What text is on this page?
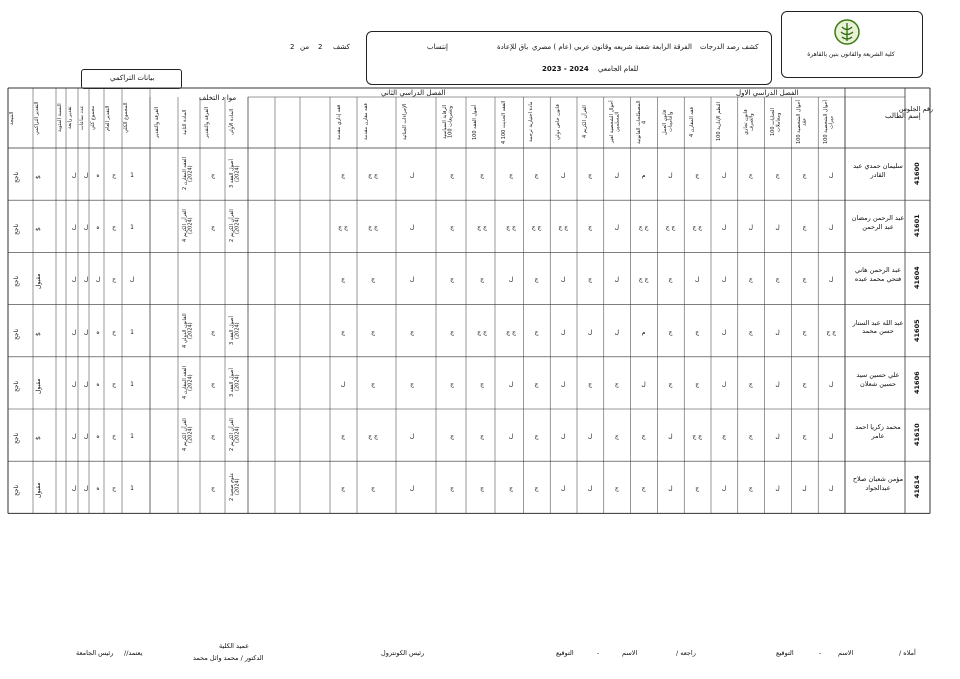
كلية الشريعة والقانون بنين بالقاهرة
كشف رصد الدرجات
الفرقة الرابعة شعبة شريعه وقانون عربي (عام ) مصري
باق للإعادة
إنتساب
للعام الجامعي
2023 - 2024
كشف
2
من
2
بيانات التراكمي
رقم الجلوس
إسم الطالب
الفصل الدراسي الاول
الفصل الدراسي الثاني
موا د التخلف
أحوال الشخصية 100 ميراث
أحوال الشخصية 100 عقد
الجنايات 100 ومعاملات
قانون تجاري والصرف
النظم الإدارية 100
فقه المقارن 4
قانون العمل والتأمينات
المصطلحات القانونية 4
أحوال الشخصية لغير المسلمين
القرآن الكريم 4
قانون خاص دولي
مادة اختيارية ترجمة
الفقه الحديث 100 4
أصول الفقه 100
الرقابة السياسية وتشريعات 100
الإجراءات الجنائية
فقه مقارن مقدمة
فقه إداري مقدمة
المادة الأولى
الفرقة والتقدير
المادة الثانية
الفرقة والتقدير
المجموع الكلي
التقدير العام
مجموع كلي
عدد ساعات
تقدير رابعة
النسبة المئوية
التقدير التراكمي
النتيجة
41600
سليمان حمدي عبد القادر
ل
ج
ج
ج
ل
ج
ل
م
ل
ج
ل
ج
ج
ج
ج
ل
ج ج
ج
أصول الفقه 3 (2024)
ج
الفقه المقارن 2 (2024)
1
ح
ه
ل
ل
$
ناجح
41601
عبد الرحمن رمضان عبد الرحمن
ل
ج
ل
ل
ل
ج ج
ج ج
ج ج
ل
ج
ج ج
ج ج
ج ج
ج ج
ج
ل
ج ج
ج ج
القرآن الكريم 2 (2024)
ج
القرآن الكريم 4 (2024)
1
ح
ه
ل
ل
$
ناجح
41604
عبد الرحمن هاني فتحي محمد عبده
ل
ج
ج
ج
ل
ل
ج
ج ج
ل
ج
ل
ج
ل
ج
ج
ل
ج
ج
ل
ح
ل
ل
ل
مقبول
ناجح
41605
عبد الله عبد الستار حسن محمد
ج ج
ج
ل
ج
ل
ج
ج
م
ل
ل
ل
ج
ج ج
ج ج
ج
ج
ج
ج
أصول الفقه 3 (2024)
ج
القانون الدولي 4 (2024)
1
ح
ه
ل
ل
$
ناجح
41606
علي حسين سيد حسين شعلان
ل
ج
ل
ج
ل
ج
ج
ل
ج
ج
ل
ج
ل
ج
ج
ج
ج
ل
أصول الفقه 3 (2024)
ج
الفقه المقارن 4 (2024)
1
ح
ه
ل
ل
مقبول
ناجح
41610
محمد زكريا احمد عامر
ل
ج
ل
ج
ج
ج ج
ل
ج
ج
ل
ل
ج
ل
ج
ج
ل
ج ج
ج
القرآن الكريم 2 (2024)
ج
القرآن الكريم 4 (2024)
1
ح
ه
ل
ل
$
ناجح
41614
مؤمن شعبان صلاح عبدالجواد
ل
ل
ل
ج
ل
ج
ل
ج
ج
ل
ل
ج
ج
ج
ج
ل
ج
ج
علوم صحية 2 (2024)
ج
1
ح
ه
ل
ل
مقبول
ناجح
أملاه /
الاسم
-
التوقيع
راجعه /
الاسم
-
التوقيع
رئيس الكونترول
عميد الكلية
الدكتور / محمد وائل محمد
يعتمد//
رئيس الجامعة
